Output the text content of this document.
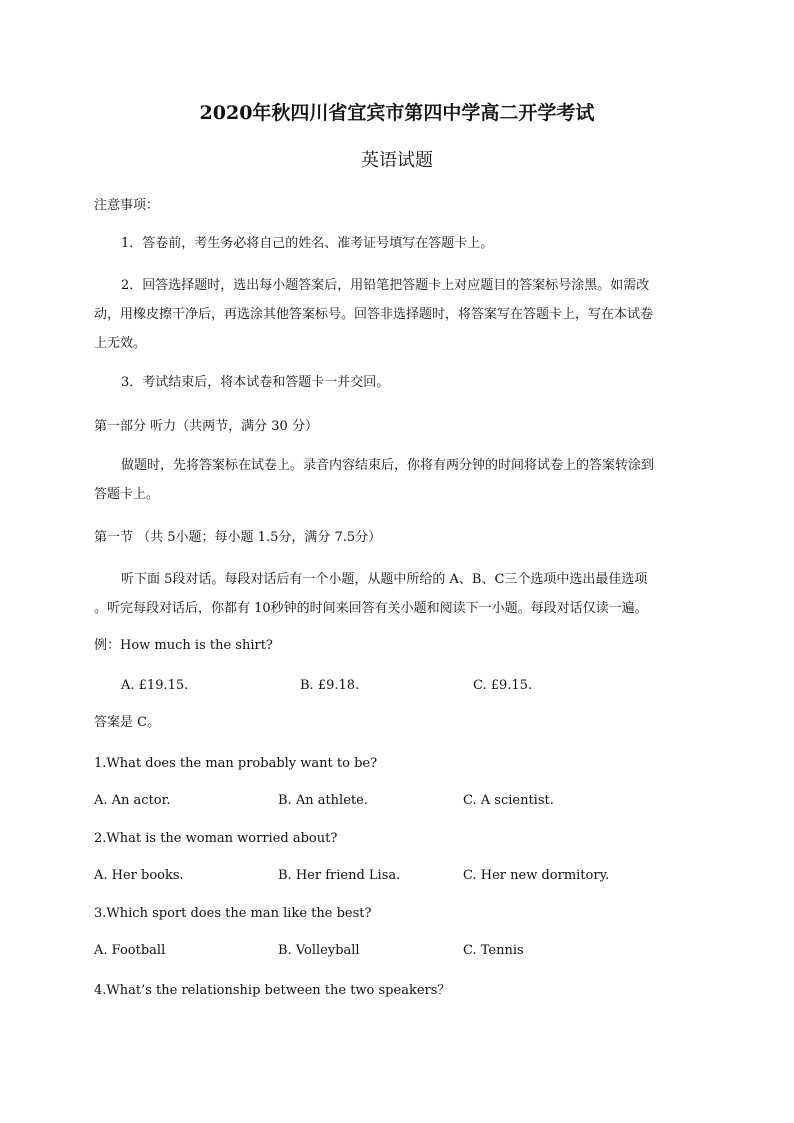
2020年秋四川省宜宾市第四中学高二开学考试
英语试题
注意事项：
1．答卷前，考生务必将自己的姓名、准考证号填写在答题卡上。
2．回答选择题时，选出每小题答案后，用铅笔把答题卡上对应题目的答案标号涂黑。如需改
动，用橡皮擦干净后，再选涂其他答案标号。回答非选择题时，将答案写在答题卡上，写在本试卷
上无效。
3．考试结束后，将本试卷和答题卡一并交回。
第一部分 听力（共两节，满分 30 分）
做题时，先将答案标在试卷上。录音内容结束后，你将有两分钟的时间将试卷上的答案转涂到
答题卡上。
第一节 （共 5小题；每小题 1.5分，满分 7.5分）
听下面 5段对话。每段对话后有一个小题，从题中所给的 A、B、C三个选项中选出最佳选项
。听完每段对话后，你都有 10秒钟的时间来回答有关小题和阅读下一小题。每段对话仅读一遍。
例：How much is the shirt?
A. £19.15.	B. £9.18.	C. £9.15.
答案是 C。
1.What does the man probably want to be?
A. An actor.	B. An athlete.	C. A scientist.
2.What is the woman worried about?
A. Her books.	B. Her friend Lisa.	C. Her new dormitory.
3.Which sport does the man like the best?
A. Football	B. Volleyball	C. Tennis
4.What’s the relationship between the two speakers？
